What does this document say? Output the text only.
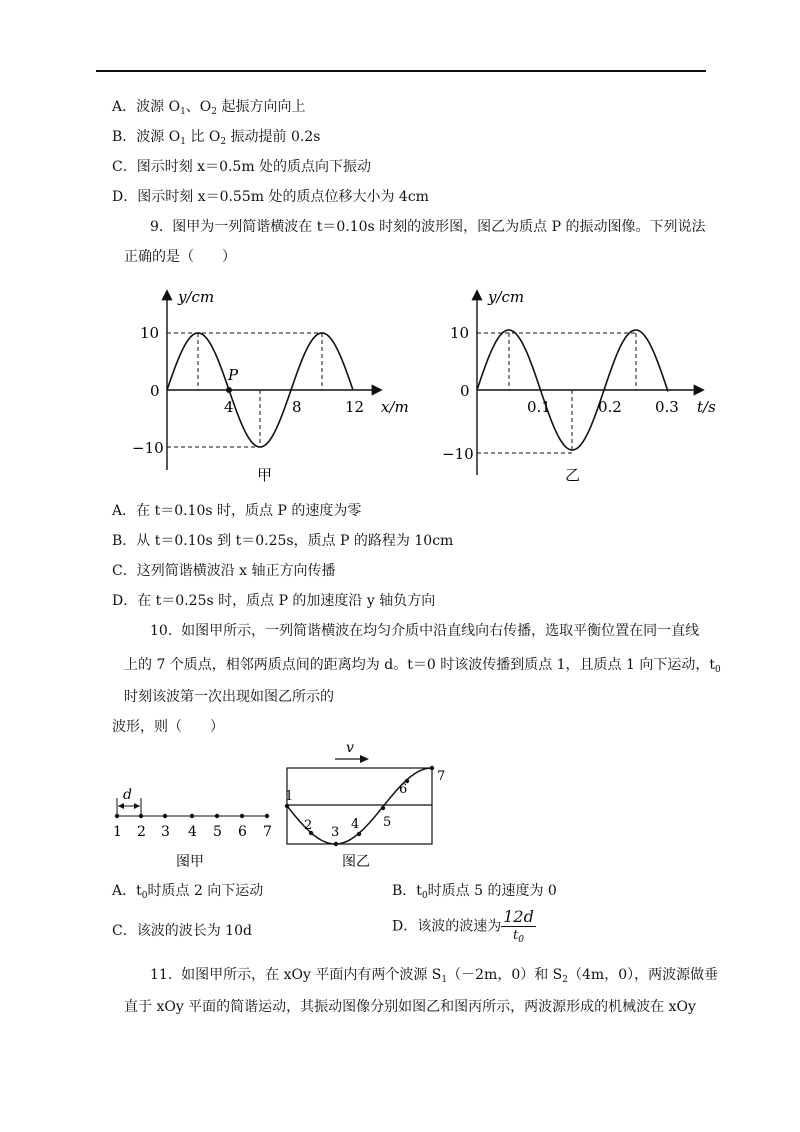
A．波源 $O_1$、$O_2$ 起振方向向上
B．波源 $O_1$ 比 $O_2$ 振动提前 0.2s
C．图示时刻 x＝0.5m 处的质点向下振动
D．图示时刻 x＝0.55m 处的质点位移大小为 4cm
9. 图甲为一列简谐横波在 t＝0.10s 时刻的波形图，图乙为质点 P 的振动图像。下列说法
正确的是（　　）
P
y/cm
x/m
10
0
−10
4	8	12
甲
y/cm
t/s
10
0
−10
0.1	0.2 0.3
乙
A．在 t＝0.10s 时，质点 P 的速度为零
B．从 t＝0.10s 到 t＝0.25s，质点 P 的路程为 10cm
C．这列简谐横波沿 x 轴正方向传播
D．在 t＝0.25s 时，质点 P 的加速度沿 y 轴负方向
10. 如图甲所示，一列简谐横波在均匀介质中沿直线向右传播，选取平衡位置在同一直线
上的 7 个质点，相邻两质点间的距离均为 d。t＝0 时该波传播到质点 1，且质点 1 向下运动，$t_0$
时刻该波第一次出现如图乙所示的
波形，则（　　）
d
1 2 3 4 5 6 7
图甲
v
1
2 3
4 5
6
7
图乙
A．$t_0$时质点 2 向下运动	B．$t_0$时质点 5 的速度为 0
C．该波的波长为 10d	D．该波的波速为 $\frac{12d}{t_0}$
11. 如图甲所示，在 xOy 平面内有两个波源 $S_1(-2m$，0）和 $S_2(4m$，0），两波源做垂
直于 xOy 平面的简谐运动，其振动图像分别如图乙和图丙所示，两波源形成的机械波在 xOy
